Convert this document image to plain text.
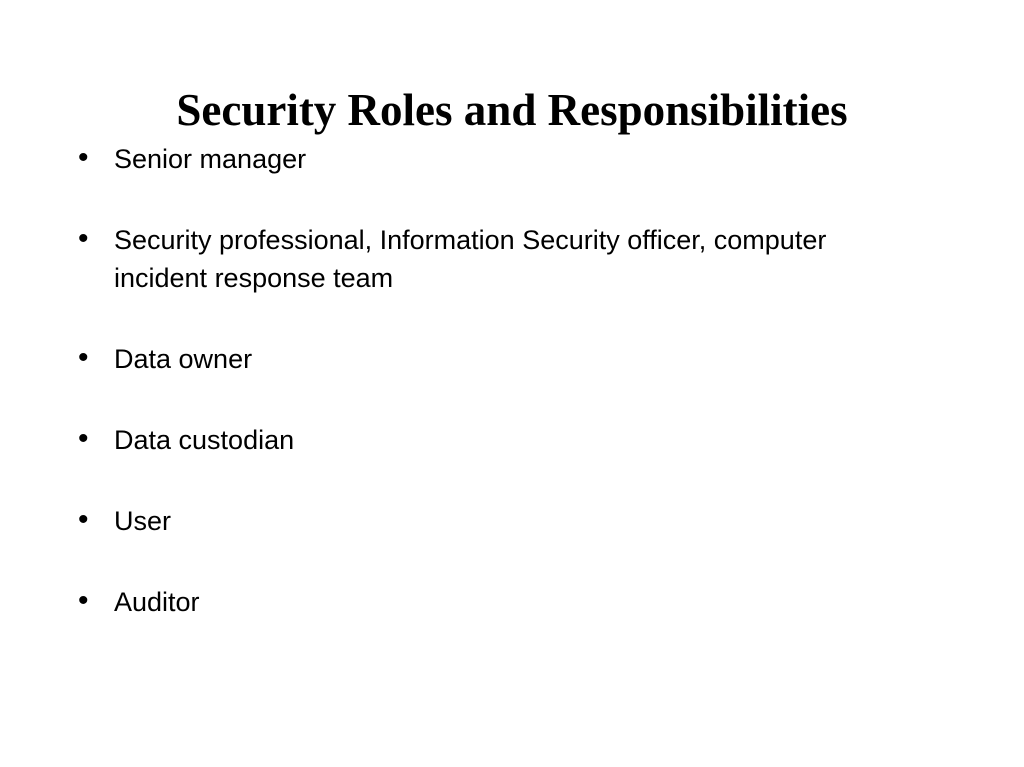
Security Roles and Responsibilities
• Senior manager
• Security professional, Information Security officer, computer incident response team
• Data owner
• Data custodian
• User
• Auditor
